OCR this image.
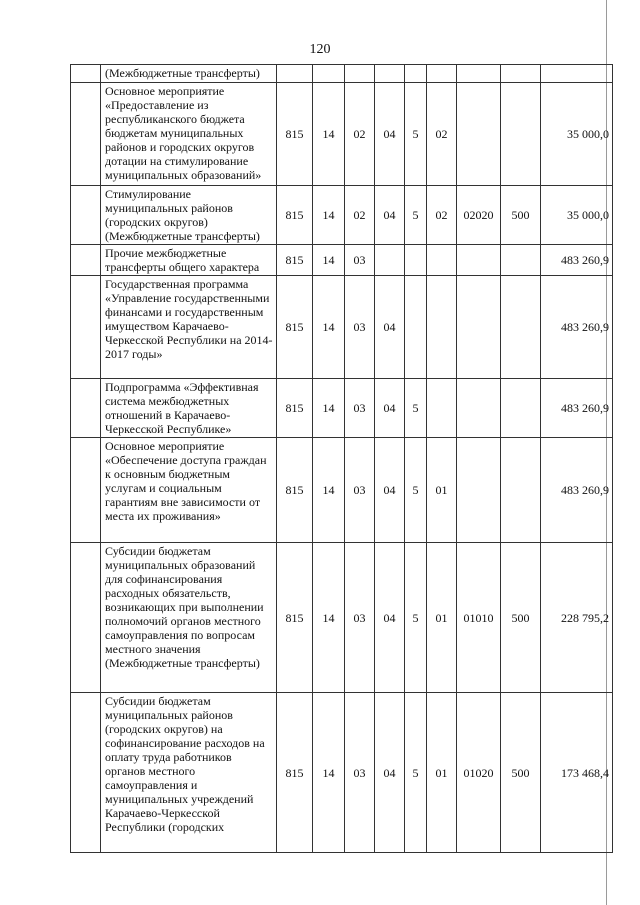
120
	(Межбюджетные трансферты)									
	Основное мероприятие «Предоставление из республиканского бюджета бюджетам муниципальных районов и городских округов дотации на стимулирование муниципальных образований»	815	14	02	04	5	02			35 000,0
	Стимулирование муниципальных районов (городских округов) (Межбюджетные трансферты)	815	14	02	04	5	02	02020	500	35 000,0
	Прочие межбюджетные трансферты общего характера	815	14	03						483 260,9
	Государственная программа «Управление государственными финансами и государственным имуществом Карачаево-Черкесской Республики на 2014-2017 годы»	815	14	03	04					483 260,9
	Подпрограмма «Эффективная система межбюджетных отношений в Карачаево-Черкесской Республике»	815	14	03	04	5				483 260,9
	Основное мероприятие «Обеспечение доступа граждан к основным бюджетным услугам и социальным гарантиям вне зависимости от места их проживания»	815	14	03	04	5	01			483 260,9
	Субсидии бюджетам муниципальных образований для софинансирования расходных обязательств, возникающих при выполнении полномочий органов местного самоуправления по вопросам местного значения (Межбюджетные трансферты)	815	14	03	04	5	01	01010	500	228 795,2
	Субсидии бюджетам муниципальных районов (городских округов) на софинансирование расходов на оплату труда работников органов местного самоуправления и муниципальных учреждений Карачаево-Черкесской Республики (городских	815	14	03	04	5	01	01020	500	173 468,4
